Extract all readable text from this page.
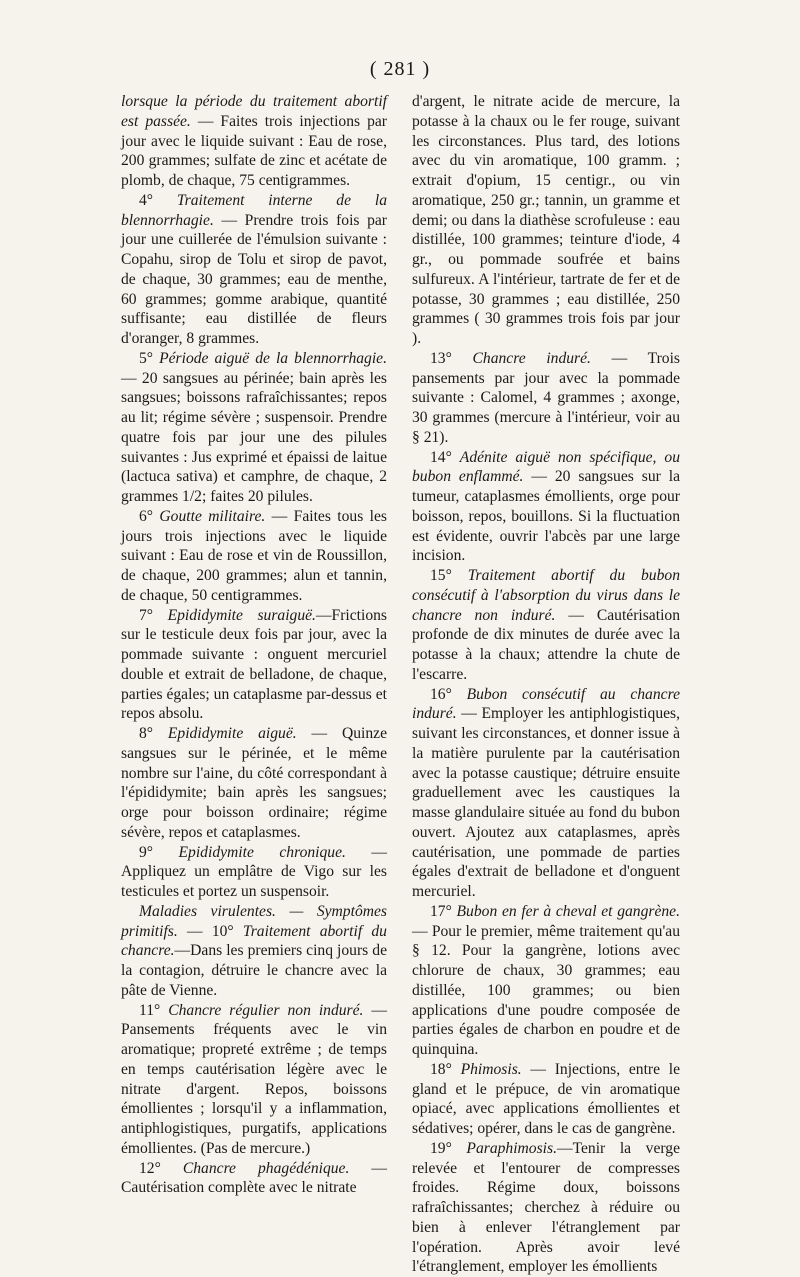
( 281 )

lorsque la période du traitement abortif est passée. — Faites trois injections par jour avec le liquide suivant : Eau de rose, 200 grammes; sulfate de zinc et acétate de plomb, de chaque, 75 centigrammes.

4° Traitement interne de la blennorrhagie. — Prendre trois fois par jour une cuillerée de l'émulsion suivante : Copahu, sirop de Tolu et sirop de pavot, de chaque, 30 grammes; eau de menthe, 60 grammes; gomme arabique, quantité suffisante; eau distillée de fleurs d'oranger, 8 grammes.

5° Période aiguë de la blennorrhagie. — 20 sangsues au périnée; bain après les sangsues; boissons rafraîchissantes; repos au lit; régime sévère ; suspensoir. Prendre quatre fois par jour une des pilules suivantes : Jus exprimé et épaissi de laitue (lactuca sativa) et camphre, de chaque, 2 grammes 1/2; faites 20 pilules.

6° Goutte militaire. — Faites tous les jours trois injections avec le liquide suivant : Eau de rose et vin de Roussillon, de chaque, 200 grammes; alun et tannin, de chaque, 50 centigrammes.

7° Epididymite suraiguë.—Frictions sur le testicule deux fois par jour, avec la pommade suivante : onguent mercuriel double et extrait de belladone, de chaque, parties égales; un cataplasme par-dessus et repos absolu.

8° Epididymite aiguë. — Quinze sangsues sur le périnée, et le même nombre sur l'aine, du côté correspondant à l'épididymite; bain après les sangsues; orge pour boisson ordinaire; régime sévère, repos et cataplasmes.

9° Epididymite chronique. — Appliquez un emplâtre de Vigo sur les testicules et portez un suspensoir.

Maladies virulentes. — Symptômes primitifs. — 10° Traitement abortif du chancre.—Dans les premiers cinq jours de la contagion, détruire le chancre avec la pâte de Vienne.

11° Chancre régulier non induré. — Pansements fréquents avec le vin aromatique; propreté extrême ; de temps en temps cautérisation légère avec le nitrate d'argent. Repos, boissons émollientes ; lorsqu'il y a inflammation, antiphlogistiques, purgatifs, applications émollientes. (Pas de mercure.)

12° Chancre phagédénique. — Cautérisation complète avec le nitrate

d'argent, le nitrate acide de mercure, la potasse à la chaux ou le fer rouge, suivant les circonstances. Plus tard, des lotions avec du vin aromatique, 100 gramm. ; extrait d'opium, 15 centigr., ou vin aromatique, 250 gr.; tannin, un gramme et demi; ou dans la diathèse scrofuleuse : eau distillée, 100 grammes; teinture d'iode, 4 gr., ou pommade soufrée et bains sulfureux. A l'intérieur, tartrate de fer et de potasse, 30 grammes ; eau distillée, 250 grammes ( 30 grammes trois fois par jour ).

13° Chancre induré. — Trois pansements par jour avec la pommade suivante : Calomel, 4 grammes ; axonge, 30 grammes (mercure à l'intérieur, voir au § 21).

14° Adénite aiguë non spécifique, ou bubon enflammé. — 20 sangsues sur la tumeur, cataplasmes émollients, orge pour boisson, repos, bouillons. Si la fluctuation est évidente, ouvrir l'abcès par une large incision.

15° Traitement abortif du bubon consécutif à l'absorption du virus dans le chancre non induré. — Cautérisation profonde de dix minutes de durée avec la potasse à la chaux; attendre la chute de l'escarre.

16° Bubon consécutif au chancre induré. — Employer les antiphlogistiques, suivant les circonstances, et donner issue à la matière purulente par la cautérisation avec la potasse caustique; détruire ensuite graduellement avec les caustiques la masse glandulaire située au fond du bubon ouvert. Ajoutez aux cataplasmes, après cautérisation, une pommade de parties égales d'extrait de belladone et d'onguent mercuriel.

17° Bubon en fer à cheval et gangrène. — Pour le premier, même traitement qu'au § 12. Pour la gangrène, lotions avec chlorure de chaux, 30 grammes; eau distillée, 100 grammes; ou bien applications d'une poudre composée de parties égales de charbon en poudre et de quinquina.

18° Phimosis. — Injections, entre le gland et le prépuce, de vin aromatique opiacé, avec applications émollientes et sédatives; opérer, dans le cas de gangrène.

19° Paraphimosis.—Tenir la verge relevée et l'entourer de compresses froides. Régime doux, boissons rafraîchissantes; cherchez à réduire ou bien à enlever l'étranglement par l'opération. Après avoir levé l'étranglement, employer les émollients
